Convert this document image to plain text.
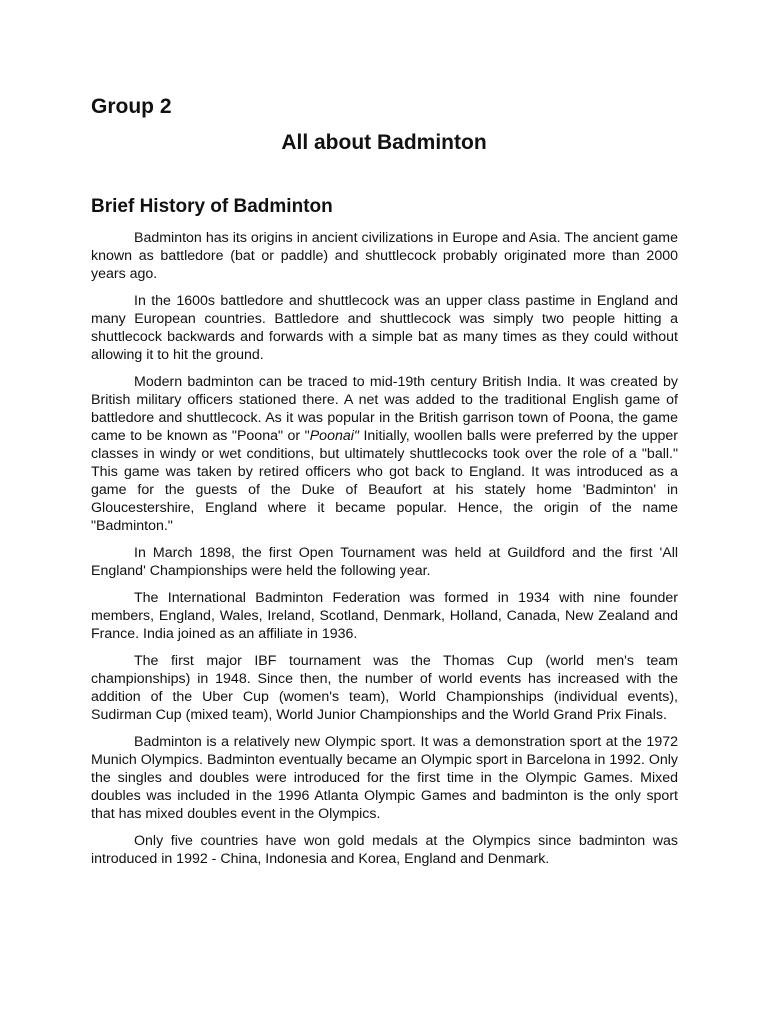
Group 2
All about Badminton
Brief History of Badminton

Badminton has its origins in ancient civilizations in Europe and Asia. The ancient game known as battledore (bat or paddle) and shuttlecock probably originated more than 2000 years ago.

In the 1600s battledore and shuttlecock was an upper class pastime in England and many European countries. Battledore and shuttlecock was simply two people hitting a shuttlecock backwards and forwards with a simple bat as many times as they could without allowing it to hit the ground.

Modern badminton can be traced to mid-19th century British India. It was created by British military officers stationed there. A net was added to the traditional English game of battledore and shuttlecock. As it was popular in the British garrison town of Poona, the game came to be known as "Poona" or "Poonai" Initially, woollen balls were preferred by the upper classes in windy or wet conditions, but ultimately shuttlecocks took over the role of a "ball." This game was taken by retired officers who got back to England. It was introduced as a game for the guests of the Duke of Beaufort at his stately home 'Badminton' in Gloucestershire, England where it became popular. Hence, the origin of the name "Badminton."

In March 1898, the first Open Tournament was held at Guildford and the first 'All England' Championships were held the following year.

The International Badminton Federation was formed in 1934 with nine founder members, England, Wales, Ireland, Scotland, Denmark, Holland, Canada, New Zealand and France. India joined as an affiliate in 1936.

The first major IBF tournament was the Thomas Cup (world men's team championships) in 1948. Since then, the number of world events has increased with the addition of the Uber Cup (women's team), World Championships (individual events), Sudirman Cup (mixed team), World Junior Championships and the World Grand Prix Finals.

Badminton is a relatively new Olympic sport. It was a demonstration sport at the 1972 Munich Olympics. Badminton eventually became an Olympic sport in Barcelona in 1992. Only the singles and doubles were introduced for the first time in the Olympic Games. Mixed doubles was included in the 1996 Atlanta Olympic Games and badminton is the only sport that has mixed doubles event in the Olympics.

Only five countries have won gold medals at the Olympics since badminton was introduced in 1992 - China, Indonesia and Korea, England and Denmark.
